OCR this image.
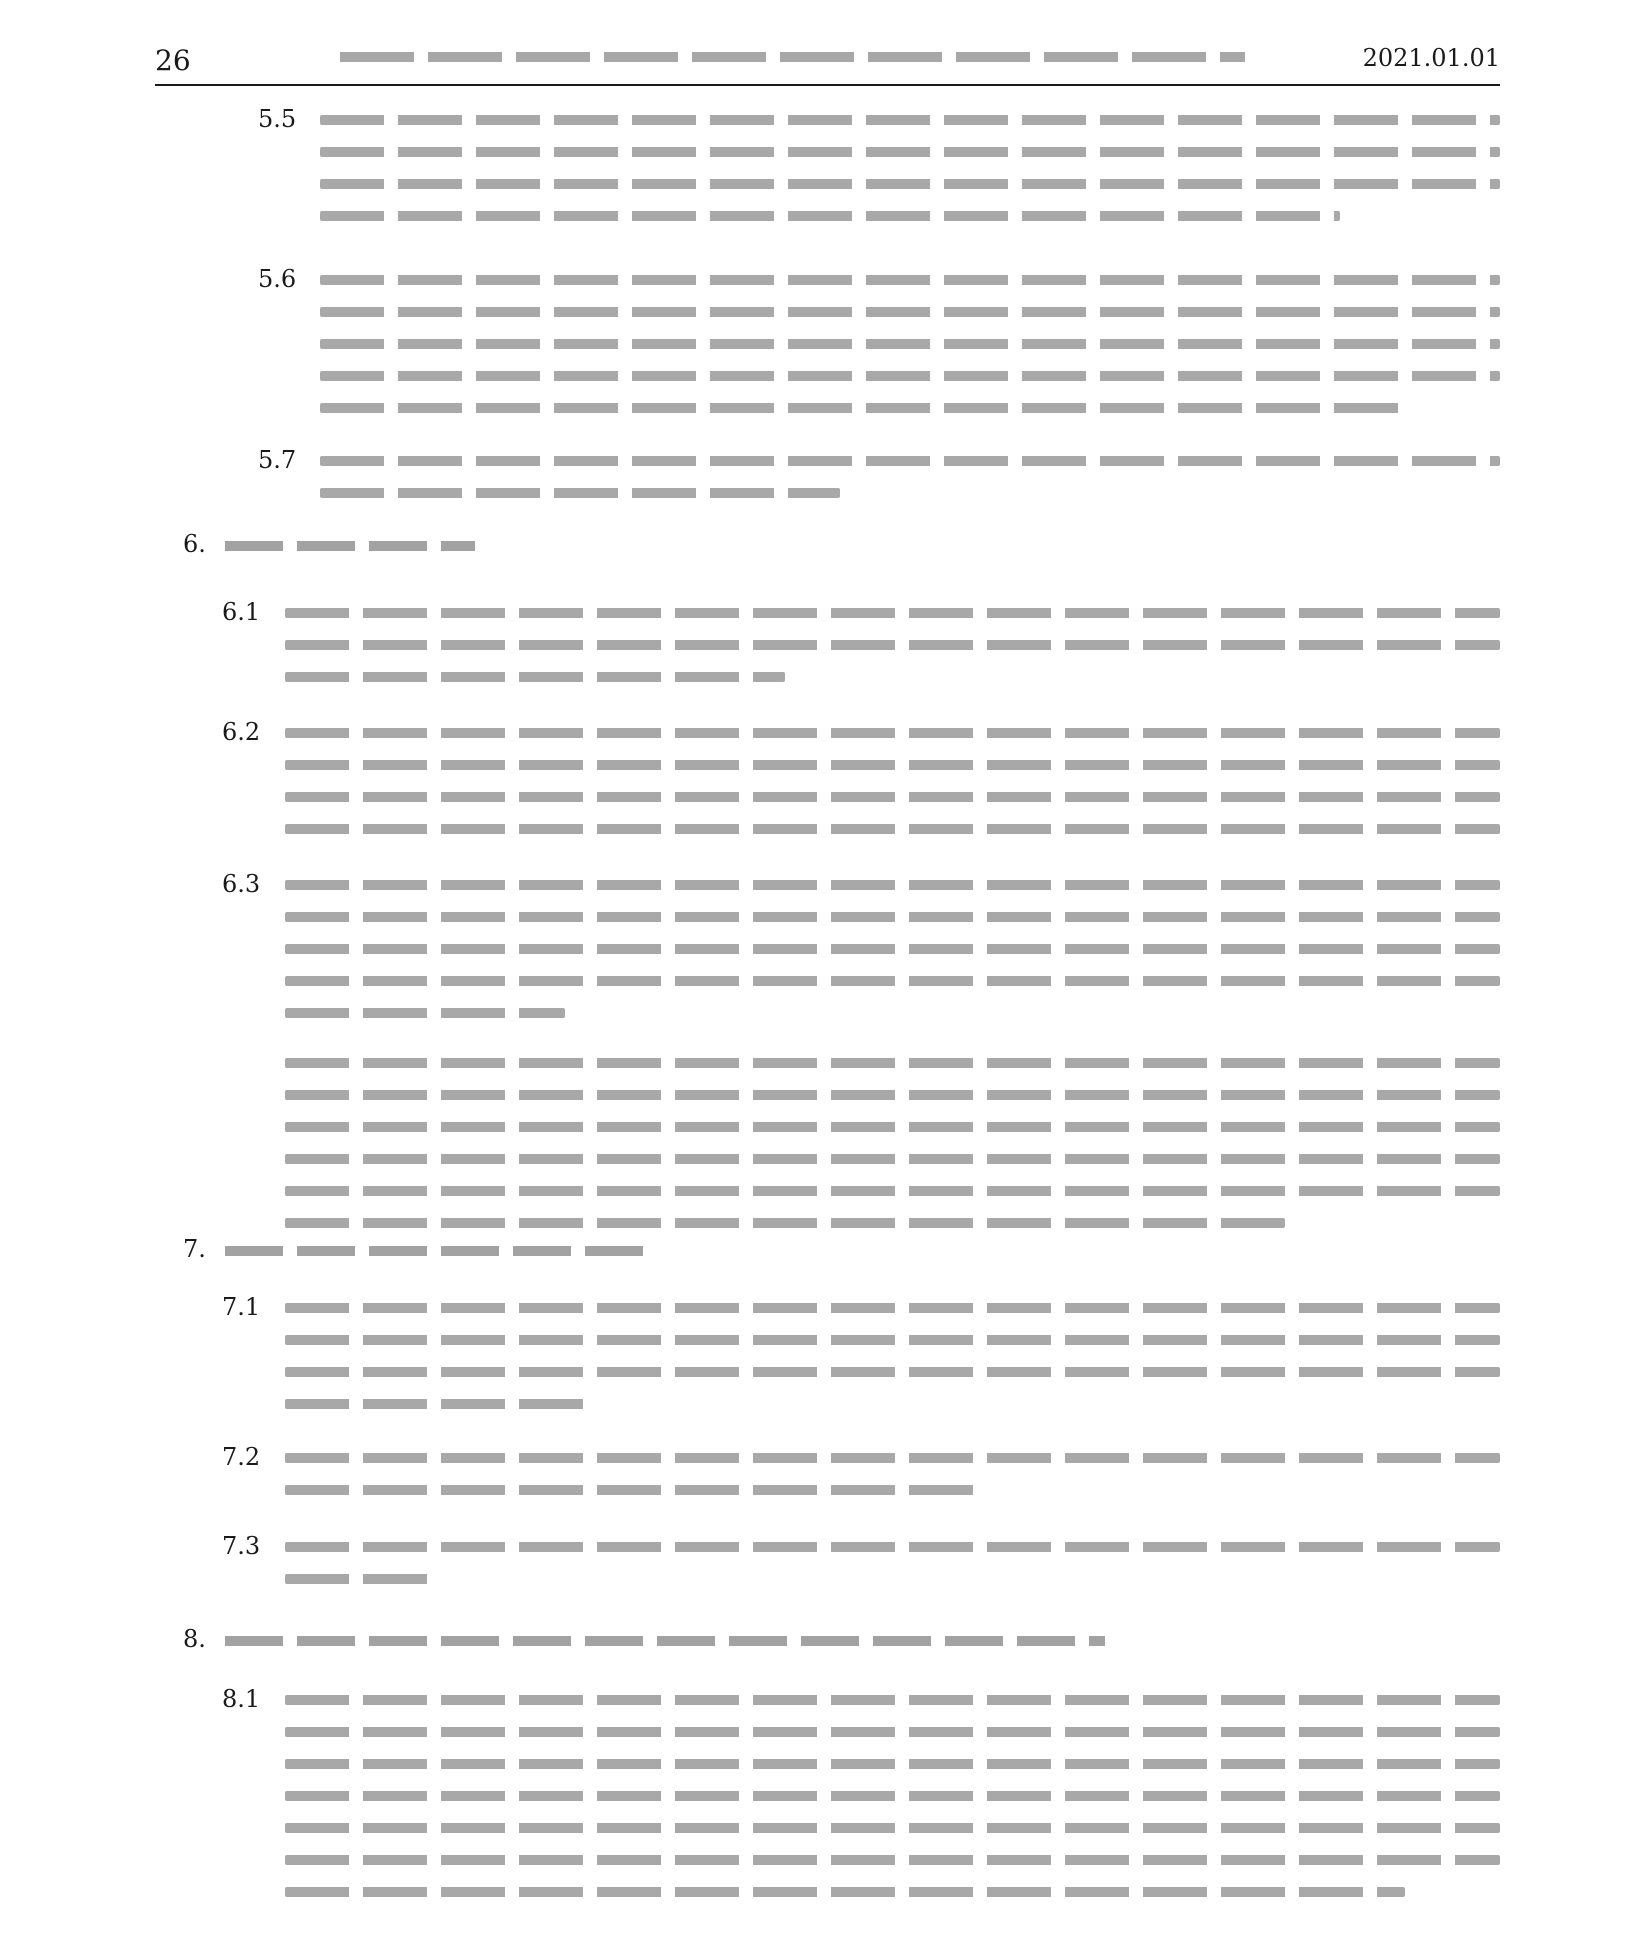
26	2021.01.01
5.5
5.6
5.7
6.
6.1
6.2
6.3
7.
7.1
7.2
7.3
8.
8.1
